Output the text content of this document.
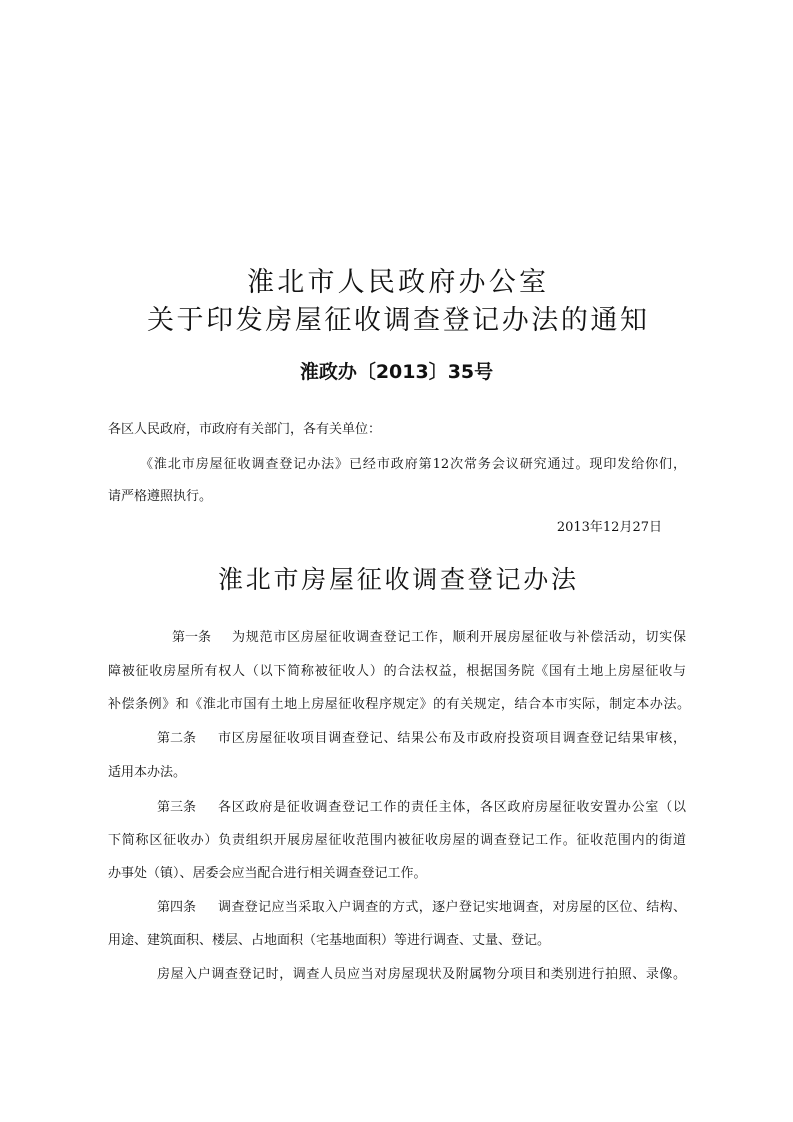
淮北市人民政府办公室
关于印发房屋征收调查登记办法的通知
淮政办〔2013〕35号
各区人民政府，市政府有关部门，各有关单位：
《淮北市房屋征收调查登记办法》已经市政府第12次常务会议研究通过。现印发给你们，
请严格遵照执行。
2013年12月27日
淮北市房屋征收调查登记办法
第一条 为规范市区房屋征收调查登记工作，顺利开展房屋征收与补偿活动，切实保
障被征收房屋所有权人（以下简称被征收人）的合法权益，根据国务院《国有土地上房屋征收与
补偿条例》和《淮北市国有土地上房屋征收程序规定》的有关规定，结合本市实际，制定本办法。
第二条 市区房屋征收项目调查登记、结果公布及市政府投资项目调查登记结果审核，
适用本办法。
第三条 各区政府是征收调查登记工作的责任主体，各区政府房屋征收安置办公室（以
下简称区征收办）负责组织开展房屋征收范围内被征收房屋的调查登记工作。征收范围内的街道
办事处（镇）、居委会应当配合进行相关调查登记工作。
第四条 调查登记应当采取入户调查的方式，逐户登记实地调查，对房屋的区位、结构、
用途、建筑面积、楼层、占地面积（宅基地面积）等进行调查、丈量、登记。
房屋入户调查登记时，调查人员应当对房屋现状及附属物分项目和类别进行拍照、录像。
